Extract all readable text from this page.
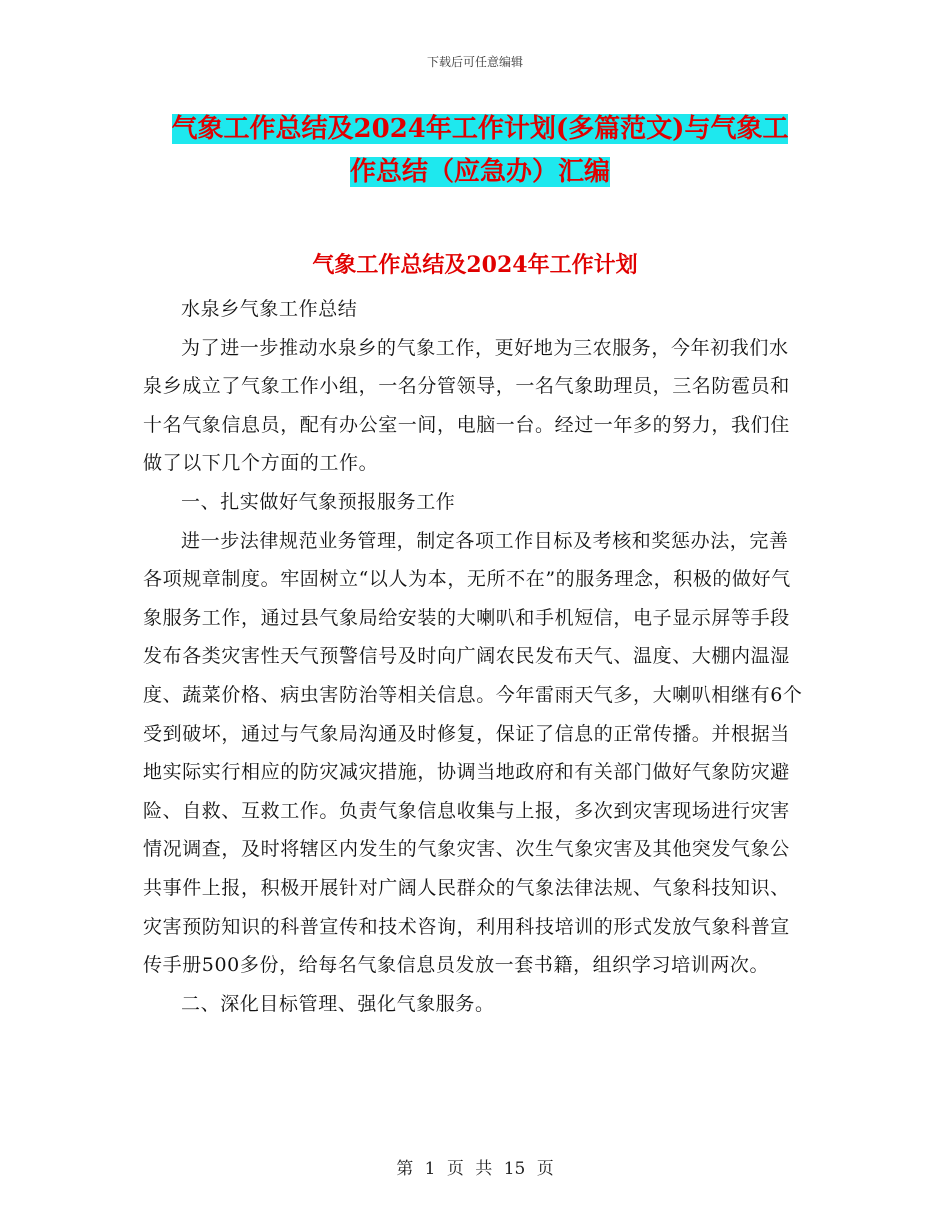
下载后可任意编辑
气象工作总结及2024年工作计划(多篇范文)与气象工
作总结（应急办）汇编
气象工作总结及2024年工作计划

水泉乡气象工作总结

为了进一步推动水泉乡的气象工作，更好地为三农服务，今年初我们水泉乡成立了气象工作小组，一名分管领导，一名气象助理员，三名防雹员和十名气象信息员，配有办公室一间，电脑一台。经过一年多的努力，我们住做了以下几个方面的工作。

一、扎实做好气象预报服务工作

进一步法律规范业务管理，制定各项工作目标及考核和奖惩办法，完善各项规章制度。牢固树立“以人为本，无所不在”的服务理念，积极的做好气象服务工作，通过县气象局给安装的大喇叭和手机短信，电子显示屏等手段发布各类灾害性天气预警信号及时向广阔农民发布天气、温度、大棚内温湿度、蔬菜价格、病虫害防治等相关信息。今年雷雨天气多，大喇叭相继有6个受到破坏，通过与气象局沟通及时修复，保证了信息的正常传播。并根据当地实际实行相应的防灾减灾措施，协调当地政府和有关部门做好气象防灾避险、自救、互救工作。负责气象信息收集与上报，多次到灾害现场进行灾害情况调查，及时将辖区内发生的气象灾害、次生气象灾害及其他突发气象公共事件上报，积极开展针对广阔人民群众的气象法律法规、气象科技知识、灾害预防知识的科普宣传和技术咨询，利用科技培训的形式发放气象科普宣传手册500多份，给每名气象信息员发放一套书籍，组织学习培训两次。

二、深化目标管理、强化气象服务。

第 1 页 共 15 页
